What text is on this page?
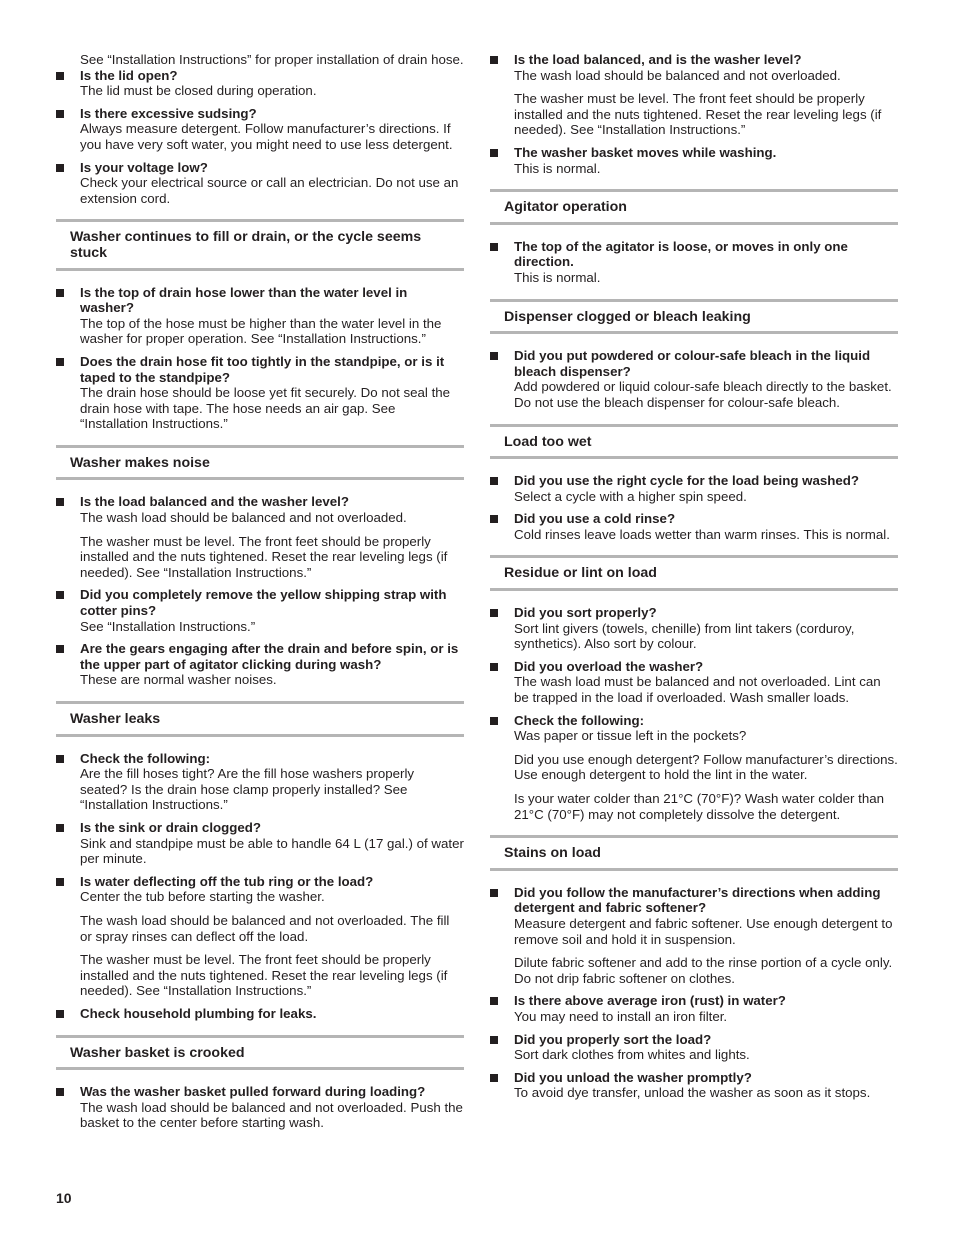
See “Installation Instructions” for proper installation of drain hose.

Is the lid open?

The lid must be closed during operation.

Is there excessive sudsing?

Always measure detergent. Follow manufacturer’s directions. If you have very soft water, you might need to use less detergent.

Is your voltage low?

Check your electrical source or call an electrician. Do not use an extension cord.

Washer continues to fill or drain, or the cycle seems stuck
Is the top of drain hose lower than the water level in washer?

The top of the hose must be higher than the water level in the washer for proper operation. See “Installation Instructions.”

Does the drain hose fit too tightly in the standpipe, or is it taped to the standpipe?

The drain hose should be loose yet fit securely. Do not seal the drain hose with tape. The hose needs an air gap. See “Installation Instructions.”

Washer makes noise
Is the load balanced and the washer level?

The wash load should be balanced and not overloaded.

The washer must be level. The front feet should be properly installed and the nuts tightened. Reset the rear leveling legs (if needed). See “Installation Instructions.”

Did you completely remove the yellow shipping strap with cotter pins?

See “Installation Instructions.”

Are the gears engaging after the drain and before spin, or is the upper part of agitator clicking during wash?

These are normal washer noises.

Washer leaks
Check the following:

Are the fill hoses tight? Are the fill hose washers properly seated? Is the drain hose clamp properly installed? See “Installation Instructions.”

Is the sink or drain clogged?

Sink and standpipe must be able to handle 64 L (17 gal.) of water per minute.

Is water deflecting off the tub ring or the load?

Center the tub before starting the washer.

The wash load should be balanced and not overloaded. The fill or spray rinses can deflect off the load.

The washer must be level. The front feet should be properly installed and the nuts tightened. Reset the rear leveling legs (if needed). See “Installation Instructions.”

Check household plumbing for leaks.
Washer basket is crooked
Was the washer basket pulled forward during loading?

The wash load should be balanced and not overloaded. Push the basket to the center before starting wash.

Is the load balanced, and is the washer level?

The wash load should be balanced and not overloaded.

The washer must be level. The front feet should be properly installed and the nuts tightened. Reset the rear leveling legs (if needed). See “Installation Instructions.”

The washer basket moves while washing.

This is normal.

Agitator operation
The top of the agitator is loose, or moves in only one direction.

This is normal.

Dispenser clogged or bleach leaking
Did you put powdered or colour-safe bleach in the liquid bleach dispenser?

Add powdered or liquid colour-safe bleach directly to the basket. Do not use the bleach dispenser for colour-safe bleach.

Load too wet
Did you use the right cycle for the load being washed?

Select a cycle with a higher spin speed.

Did you use a cold rinse?

Cold rinses leave loads wetter than warm rinses. This is normal.

Residue or lint on load
Did you sort properly?

Sort lint givers (towels, chenille) from lint takers (corduroy, synthetics). Also sort by colour.

Did you overload the washer?

The wash load must be balanced and not overloaded. Lint can be trapped in the load if overloaded. Wash smaller loads.

Check the following:

Was paper or tissue left in the pockets?

Did you use enough detergent? Follow manufacturer’s directions. Use enough detergent to hold the lint in the water.

Is your water colder than 21°C (70°F)? Wash water colder than 21°C (70°F) may not completely dissolve the detergent.

Stains on load
Did you follow the manufacturer’s directions when adding detergent and fabric softener?

Measure detergent and fabric softener. Use enough detergent to remove soil and hold it in suspension.

Dilute fabric softener and add to the rinse portion of a cycle only. Do not drip fabric softener on clothes.

Is there above average iron (rust) in water?

You may need to install an iron filter.

Did you properly sort the load?

Sort dark clothes from whites and lights.

Did you unload the washer promptly?

To avoid dye transfer, unload the washer as soon as it stops.

10
